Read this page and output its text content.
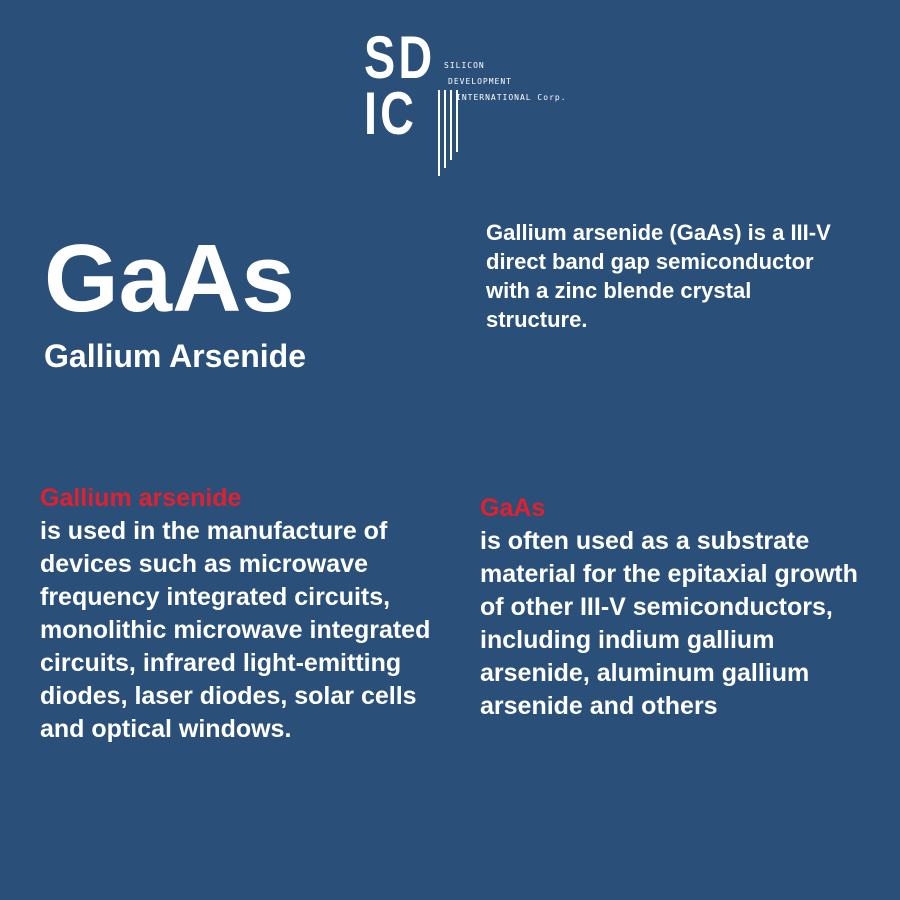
SD
IC
SILICON
DEVELOPMENT
INTERNATIONAL Corp.
GaAs
Gallium Arsenide
Gallium arsenide (GaAs) is a III-V direct band gap semiconductor with a zinc blende crystal structure.
Gallium arsenide
is used in the manufacture of devices such as microwave frequency integrated circuits, monolithic microwave integrated circuits, infrared light-emitting diodes, laser diodes, solar cells and optical windows.
GaAs
is often used as a substrate material for the epitaxial growth of other III-V semiconductors, including indium gallium arsenide, aluminum gallium arsenide and others
